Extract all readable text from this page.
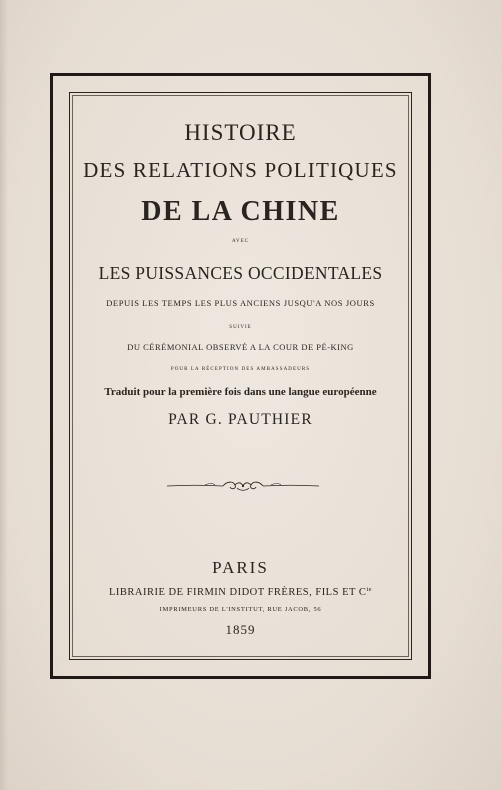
HISTOIRE
DES RELATIONS POLITIQUES
DE LA CHINE
AVEC
LES PUISSANCES OCCIDENTALES
DEPUIS LES TEMPS LES PLUS ANCIENS JUSQU'A NOS JOURS
SUIVIE
DU CÉRÉMONIAL OBSERVÉ A LA COUR DE PÉ-KING
POUR LA RÉCEPTION DES AMBASSADEURS
Traduit pour la première fois dans une langue européenne
PAR G. PAUTHIER
PARIS
LIBRAIRIE DE FIRMIN DIDOT FRÈRES, FILS ET $C^{ie}$
IMPRIMEURS DE L'INSTITUT, RUE JACOB, 56
1859
